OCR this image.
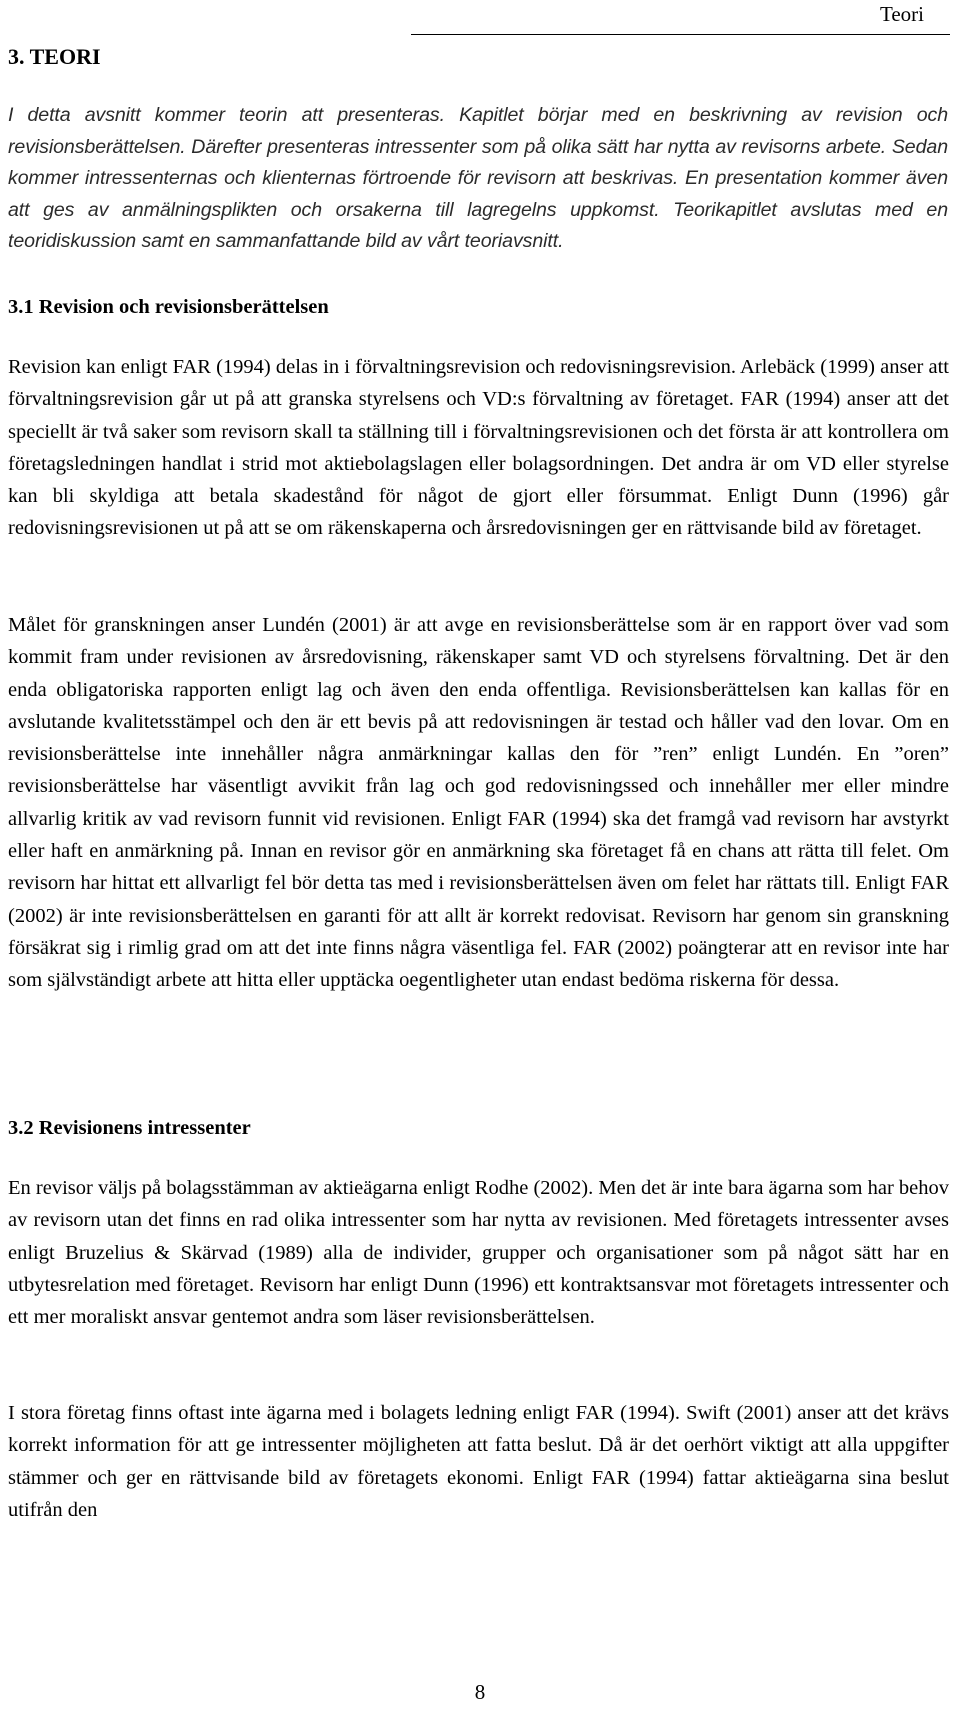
Teori
3. TEORI

I detta avsnitt kommer teorin att presenteras. Kapitlet börjar med en beskrivning av revision och revisionsberättelsen. Därefter presenteras intressenter som på olika sätt har nytta av revisorns arbete. Sedan kommer intressenternas och klienternas förtroende för revisorn att beskrivas. En presentation kommer även att ges av anmälningsplikten och orsakerna till lagregelns uppkomst. Teorikapitlet avslutas med en teoridiskussion samt en sammanfattande bild av vårt teoriavsnitt.

3.1 Revision och revisionsberättelsen

Revision kan enligt FAR (1994) delas in i förvaltningsrevision och redovisningsrevision. Arlebäck (1999) anser att förvaltningsrevision går ut på att granska styrelsens och VD:s förvaltning av företaget. FAR (1994) anser att det speciellt är två saker som revisorn skall ta ställning till i förvaltningsrevisionen och det första är att kontrollera om företagsledningen handlat i strid mot aktiebolagslagen eller bolagsordningen. Det andra är om VD eller styrelse kan bli skyldiga att betala skadestånd för något de gjort eller försummat. Enligt Dunn (1996) går redovisningsrevisionen ut på att se om räkenskaperna och årsredovisningen ger en rättvisande bild av företaget.

Målet för granskningen anser Lundén (2001) är att avge en revisionsberättelse som är en rapport över vad som kommit fram under revisionen av årsredovisning, räkenskaper samt VD och styrelsens förvaltning. Det är den enda obligatoriska rapporten enligt lag och även den enda offentliga. Revisionsberättelsen kan kallas för en avslutande kvalitetsstämpel och den är ett bevis på att redovisningen är testad och håller vad den lovar. Om en revisionsberättelse inte innehåller några anmärkningar kallas den för ”ren” enligt Lundén. En ”oren” revisionsberättelse har väsentligt avvikit från lag och god redovisningssed och innehåller mer eller mindre allvarlig kritik av vad revisorn funnit vid revisionen. Enligt FAR (1994) ska det framgå vad revisorn har avstyrkt eller haft en anmärkning på. Innan en revisor gör en anmärkning ska företaget få en chans att rätta till felet. Om revisorn har hittat ett allvarligt fel bör detta tas med i revisionsberättelsen även om felet har rättats till. Enligt FAR (2002) är inte revisionsberättelsen en garanti för att allt är korrekt redovisat. Revisorn har genom sin granskning försäkrat sig i rimlig grad om att det inte finns några väsentliga fel. FAR (2002) poängterar att en revisor inte har som självständigt arbete att hitta eller upptäcka oegentligheter utan endast bedöma riskerna för dessa.

3.2 Revisionens intressenter

En revisor väljs på bolagsstämman av aktieägarna enligt Rodhe (2002). Men det är inte bara ägarna som har behov av revisorn utan det finns en rad olika intressenter som har nytta av revisionen. Med företagets intressenter avses enligt Bruzelius & Skärvad (1989) alla de individer, grupper och organisationer som på något sätt har en utbytesrelation med företaget. Revisorn har enligt Dunn (1996) ett kontraktsansvar mot företagets intressenter och ett mer moraliskt ansvar gentemot andra som läser revisionsberättelsen.

I stora företag finns oftast inte ägarna med i bolagets ledning enligt FAR (1994). Swift (2001) anser att det krävs korrekt information för att ge intressenter möjligheten att fatta beslut. Då är det oerhört viktigt att alla uppgifter stämmer och ger en rättvisande bild av företagets ekonomi. Enligt FAR (1994) fattar aktieägarna sina beslut utifrån den

8
